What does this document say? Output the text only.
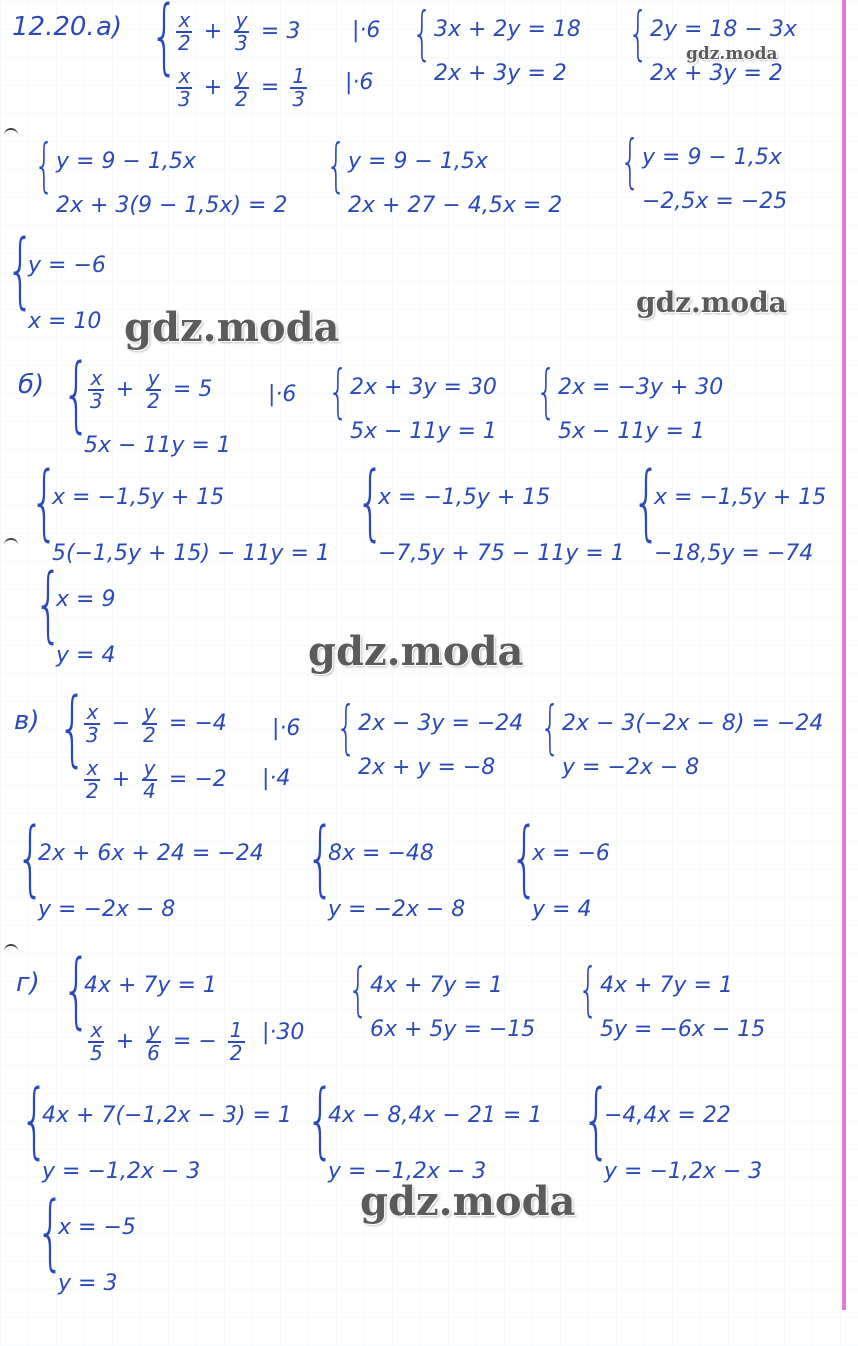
12.20. а)	{ $\frac{x}{2} + \frac{y}{3} = 3$
$\frac{x}{3} + \frac{y}{2} = \frac{1}{3}$
|·6
|·6
{ 3x + 2y = 18
2x + 3y = 2
{ 2y = 18 − 3x
2x + 3y = 2
{ y = 9 − 1,5x
2x + 3(9 − 1,5x) = 2
{ y = 9 − 1,5x
2x + 27 − 4,5x = 2
{ y = 9 − 1,5x
−2,5x = −25
{ y = −6
x = 10
б) { $\frac{x}{3} + \frac{y}{2} = 5$
5x − 11y = 1
|·6 { 2x + 3y = 30
5x − 11y = 1
{ 2x = −3y + 30
5x − 11y = 1
{ x = −1,5y + 15
5(−1,5y + 15) − 11y = 1
{ x = −1,5y + 15
−7,5y + 75 − 11y = 1
{ x = −1,5y + 15
−18,5y = −74
{ x = 9
y = 4
в) { $\frac{x}{3} - \frac{y}{2} = -4$
$\frac{x}{2} + \frac{y}{4} = -2$
|·6
|·4
{ 2x − 3y = −24
2x + y = −8
{ 2x − 3(−2x − 8) = −24
y = −2x − 8
{ 2x + 6x + 24 = −24
y = −2x − 8
{ 8x = −48
y = −2x − 8
{ x = −6
y = 4
г) { 4x + 7y = 1
$\frac{x}{5} + \frac{y}{6}$ = − $\frac{1}{2} |\cdot 30$
{ 4x + 7y = 1
6x + 5y = −15
{ 4x + 7y = 1
5y = −6x − 15
{ 4x + 7(−1,2x − 3) = 1
y = −1,2x − 3
{ 4x − 8,4x − 21 = 1
y = −1,2x − 3
{ −4,4x = 22
y = −1,2x − 3
{ x = −5
y = 3
gdz.moda
gdz.moda
gdz.moda
gdz.moda
gdz.moda
